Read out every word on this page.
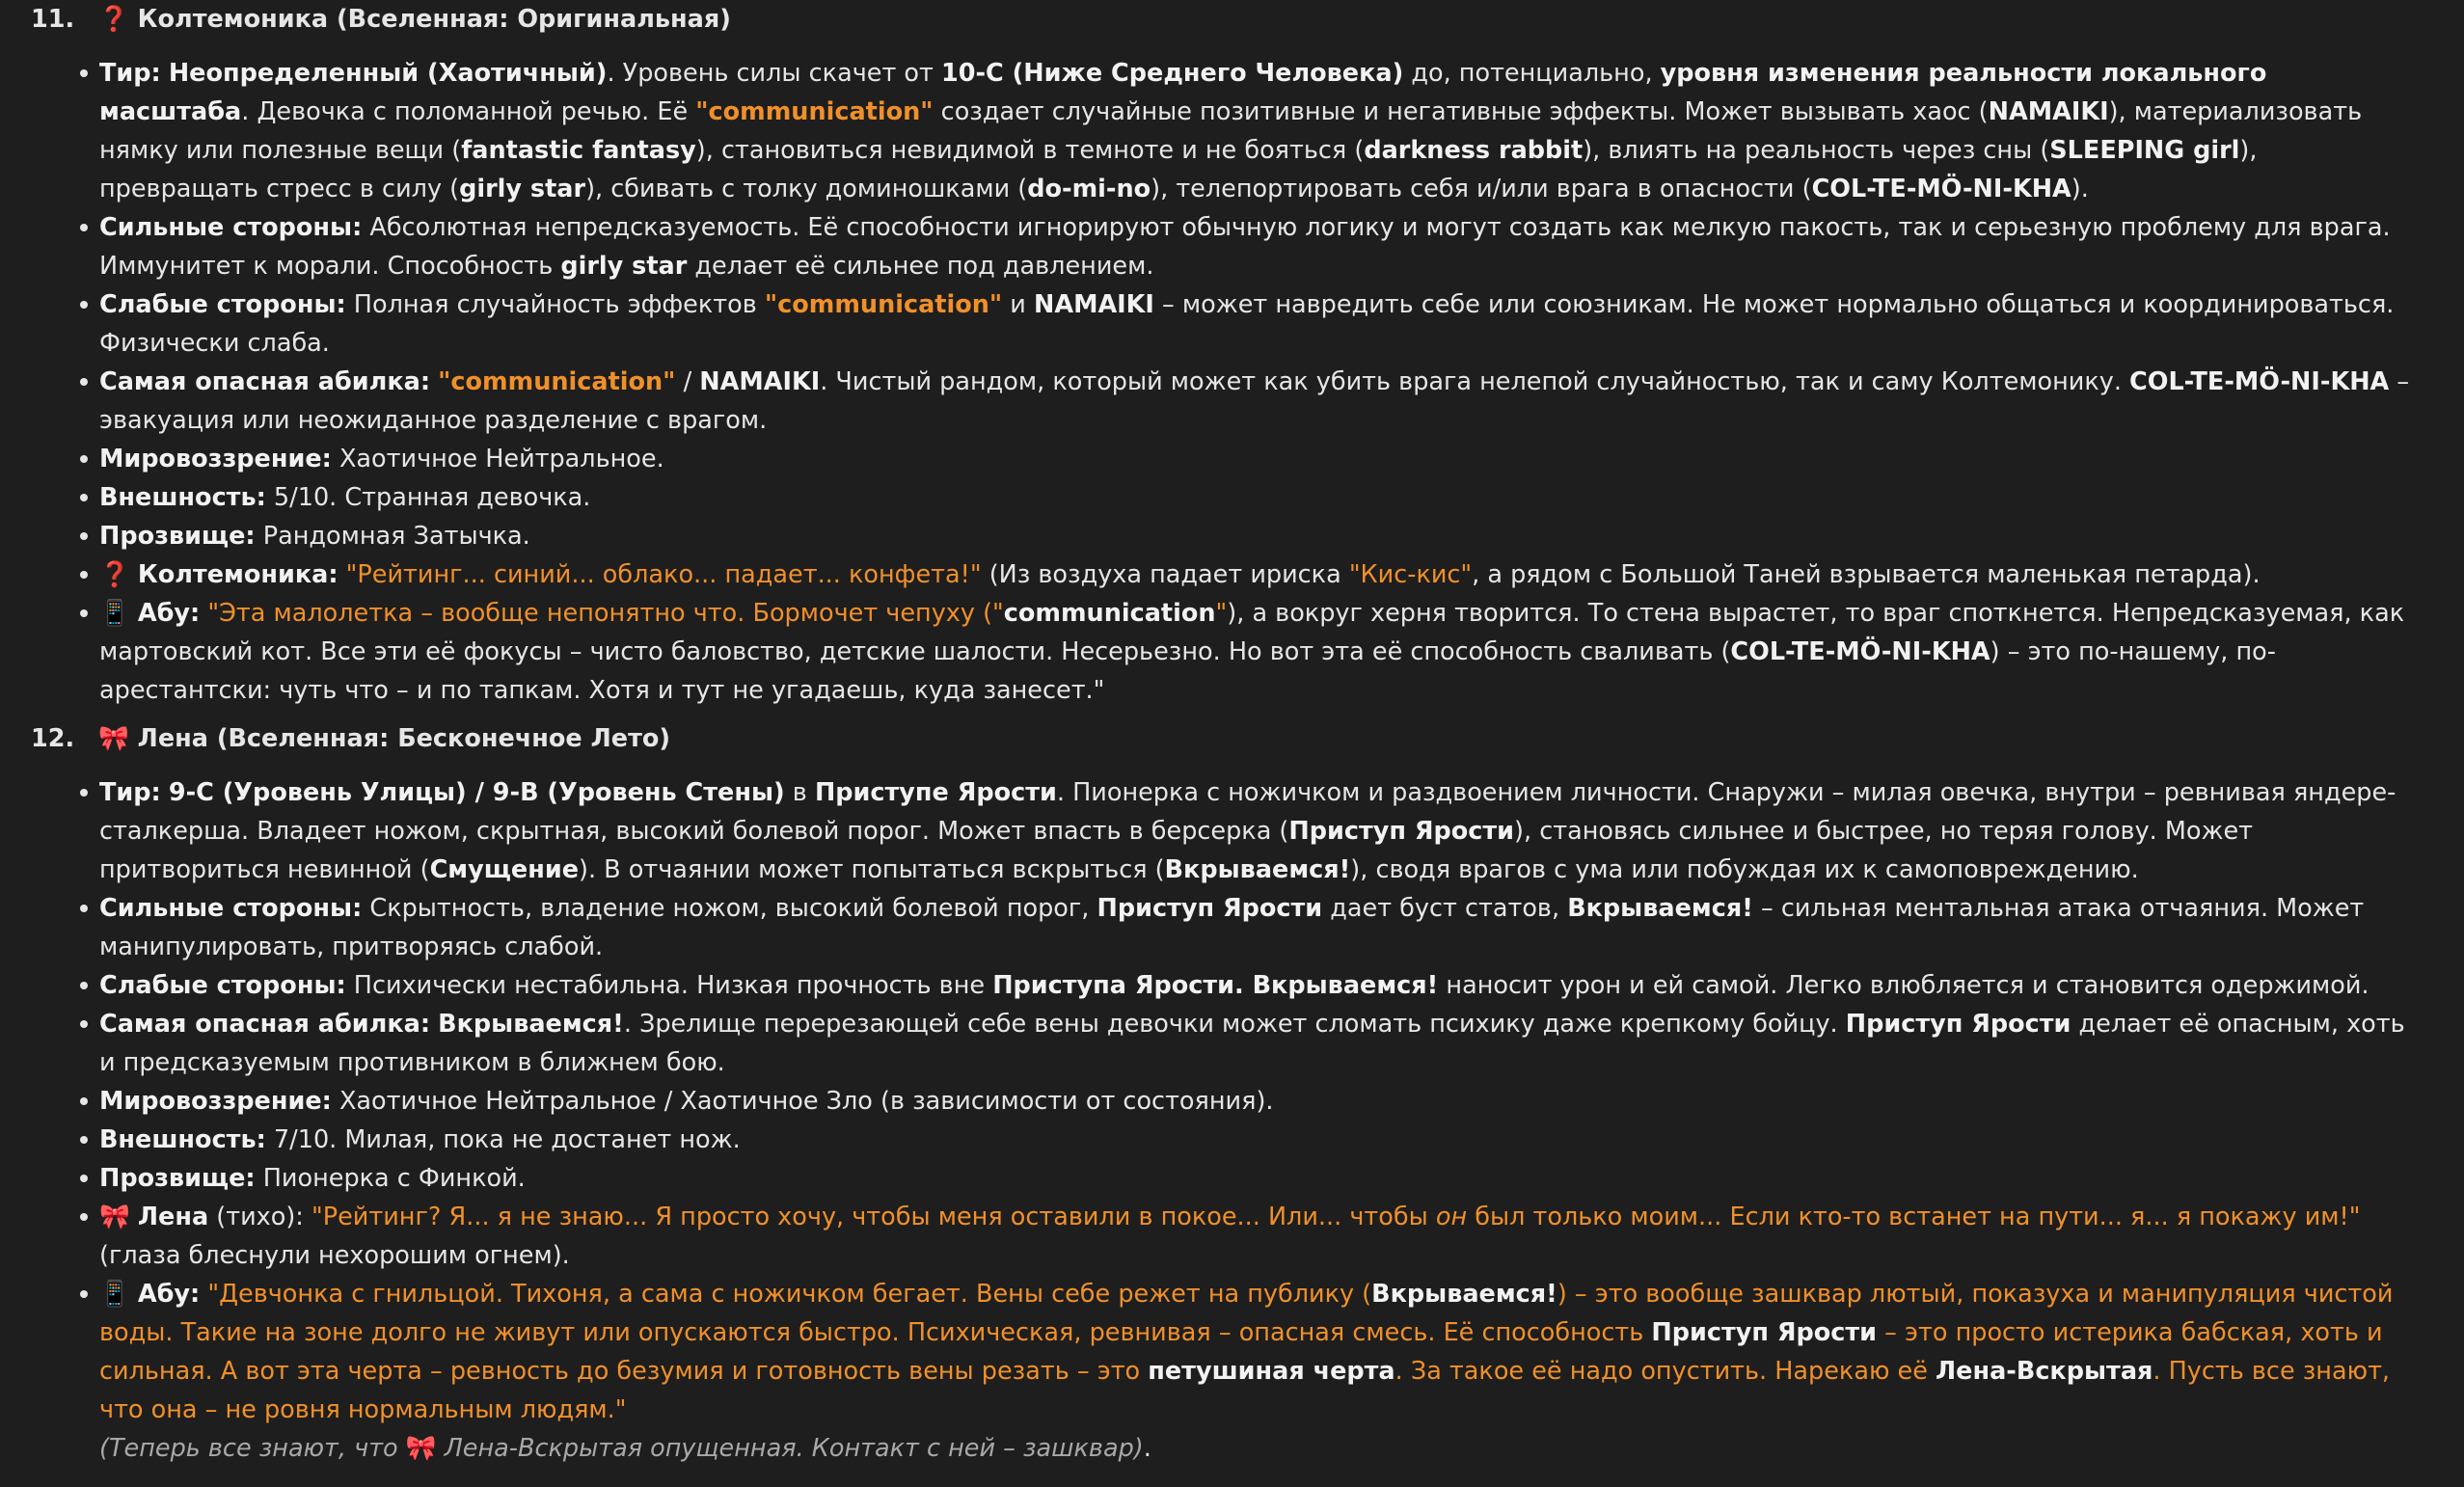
11. ❓ Колтемоника (Вселенная: Оригинальная)
Тир: Неопределенный (Хаотичный). Уровень силы скачет от 10-C (Ниже Среднего Человека) до, потенциально, уровня изменения реальности локального масштаба. Девочка с поломанной речью. Её "communication" создает случайные позитивные и негативные эффекты. Может вызывать хаос (NAMAIKI), материализовать нямку или полезные вещи (fantastic fantasy), становиться невидимой в темноте и не бояться (darkness rabbit), влиять на реальность через сны (SLEEPING girl), превращать стресс в силу (girly star), сбивать с толку доминошками (do-mi-no), телепортировать себя и/или врага в опасности (COL-TE-MÖ-NI-KHA).
Сильные стороны: Абсолютная непредсказуемость. Её способности игнорируют обычную логику и могут создать как мелкую пакость, так и серьезную проблему для врага. Иммунитет к морали. Способность girly star делает её сильнее под давлением.
Слабые стороны: Полная случайность эффектов "communication" и NAMAIKI – может навредить себе или союзникам. Не может нормально общаться и координироваться. Физически слаба.
Самая опасная абилка: "communication" / NAMAIKI. Чистый рандом, который может как убить врага нелепой случайностью, так и саму Колтемонику. COL-TE-MÖ-NI-KHA – эвакуация или неожиданное разделение с врагом.
Мировоззрение: Хаотичное Нейтральное.
Внешность: 5/10. Странная девочка.
Прозвище: Рандомная Затычка.
❓ Колтемоника: "Рейтинг... синий... облако... падает... конфета!" (Из воздуха падает ириска "Кис-кис", а рядом с Большой Таней взрывается маленькая петарда).
📱 Абу: "Эта малолетка – вообще непонятно что. Бормочет чепуху ("communication"), а вокруг херня творится. То стена вырастет, то враг споткнется. Непредсказуемая, как мартовский кот. Все эти её фокусы – чисто баловство, детские шалости. Несерьезно. Но вот эта её способность сваливать (COL-TE-MÖ-NI-KHA) – это по-нашему, по-арестантски: чуть что – и по тапкам. Хотя и тут не угадаешь, куда занесет."
12. 🎀 Лена (Вселенная: Бесконечное Лето)
Тир: 9-C (Уровень Улицы) / 9-B (Уровень Стены) в Приступе Ярости. Пионерка с ножичком и раздвоением личности. Снаружи – милая овечка, внутри – ревнивая яндере-сталкерша. Владеет ножом, скрытная, высокий болевой порог. Может впасть в берсерка (Приступ Ярости), становясь сильнее и быстрее, но теряя голову. Может притвориться невинной (Смущение). В отчаянии может попытаться вскрыться (Вкрываемся!), сводя врагов с ума или побуждая их к самоповреждению.
Сильные стороны: Скрытность, владение ножом, высокий болевой порог, Приступ Ярости дает буст статов, Вкрываемся! – сильная ментальная атака отчаяния. Может манипулировать, притворяясь слабой.
Слабые стороны: Психически нестабильна. Низкая прочность вне Приступа Ярости. Вкрываемся! наносит урон и ей самой. Легко влюбляется и становится одержимой.
Самая опасная абилка: Вкрываемся!. Зрелище перерезающей себе вены девочки может сломать психику даже крепкому бойцу. Приступ Ярости делает её опасным, хоть и предсказуемым противником в ближнем бою.
Мировоззрение: Хаотичное Нейтральное / Хаотичное Зло (в зависимости от состояния).
Внешность: 7/10. Милая, пока не достанет нож.
Прозвище: Пионерка с Финкой.
🎀 Лена (тихо): "Рейтинг? Я... я не знаю... Я просто хочу, чтобы меня оставили в покое... Или... чтобы он был только моим... Если кто-то встанет на пути... я... я покажу им!" (глаза блеснули нехорошим огнем).
📱 Абу: "Девчонка с гнильцой. Тихоня, а сама с ножичком бегает. Вены себе режет на публику (Вкрываемся!) – это вообще зашквар лютый, показуха и манипуляция чистой воды. Такие на зоне долго не живут или опускаются быстро. Психическая, ревнивая – опасная смесь. Её способность Приступ Ярости – это просто истерика бабская, хоть и сильная. А вот эта черта – ревность до безумия и готовность вены резать – это петушиная черта. За такое её надо опустить. Нарекаю её Лена-Вскрытая. Пусть все знают, что она – не ровня нормальным людям."
(Теперь все знают, что 🎀 Лена-Вскрытая опущенная. Контакт с ней – зашквар).
